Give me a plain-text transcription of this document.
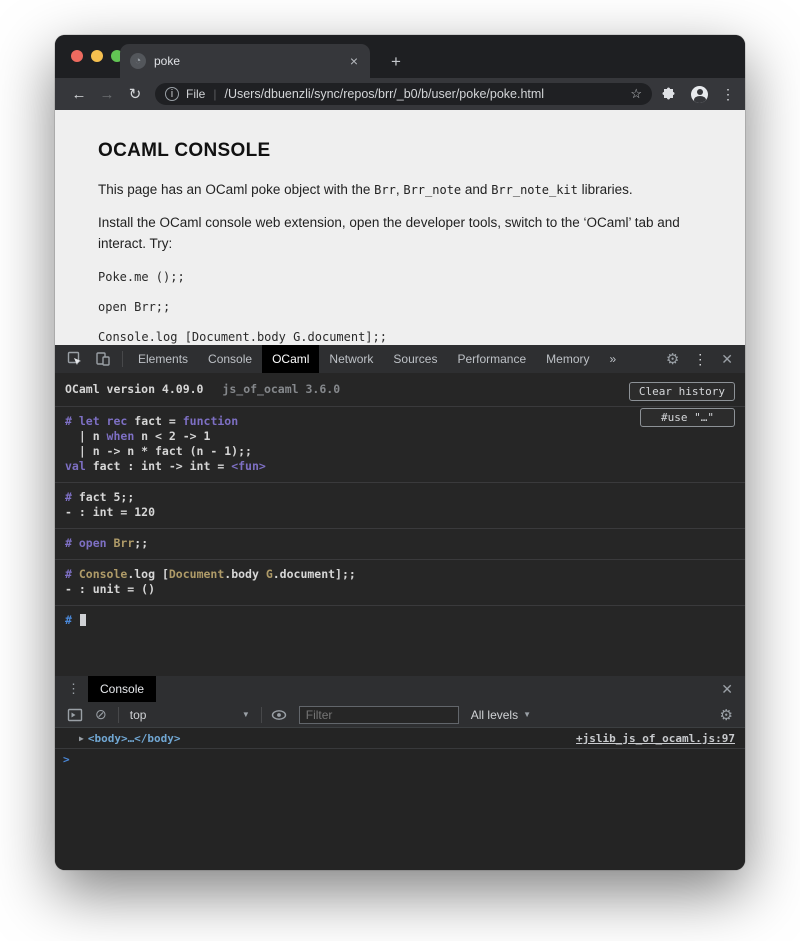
◔	poke	×	+
← → ↻	i	File | /Users/dbuenzli/sync/repos/brr/_b0/b/user/poke/poke.html	☆	⋮
OCAML CONSOLE

This page has an OCaml poke object with the Brr, Brr_note and Brr_note_kit libraries.

Install the OCaml console web extension, open the developer tools, switch to the ‘OCaml’ tab and interact. Try:

Poke.me ();;
open Brr;;
Console.log [Document.body G.document];;
Elements	Console	OCaml	Network	Sources	Performance	Memory	»	⚙ ⋮ ✕
OCaml version 4.09.0 js_of_ocaml 3.6.0	Clear history
#use "…"
# let rec fact = function
| n when n < 2 -> 1
| n -> n * fact (n - 1);;
val fact : int -> int = <fun>
# fact 5;;
- : int = 120
# open Brr;;
# Console.log [Document.body G.document];;
- : unit = ()
#
⋮	Console	✕
⊘ top	▼
Filter	All levels ▼	⚙
▶ <body>…</body>	+jslib_js_of_ocaml.js:97
>
